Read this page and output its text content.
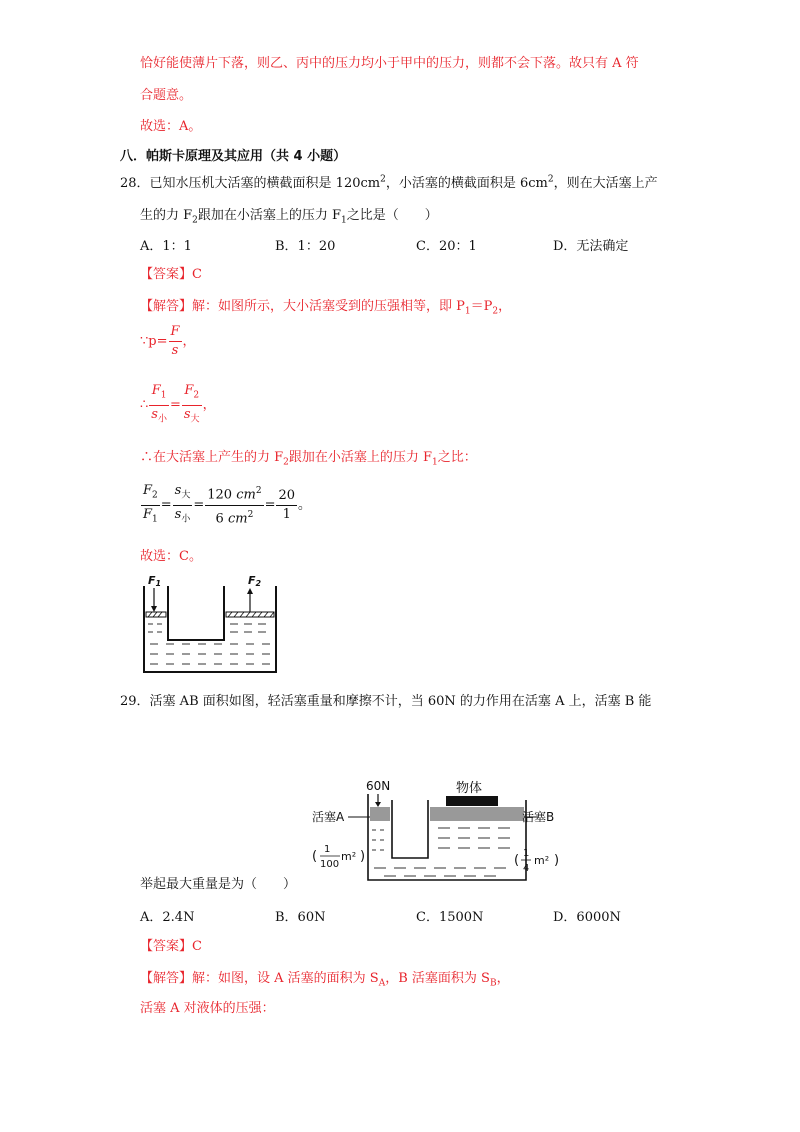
恰好能使薄片下落，则乙、丙中的压力均小于甲中的压力，则都不会下落。故只有 A 符
合题意。
故选：A。
八．帕斯卡原理及其应用（共 4 小题）
28．已知水压机大活塞的横截面积是 $120cm^2$，小活塞的横截面积是 $6cm^2$，则在大活塞上产
生的力 $F_2$跟加在小活塞上的压力 $F_1$之比是（　　）
A．1：1	B．1：20	C．20：1	D．无法确定
【答案】C
【解答】解：如图所示，大小活塞受到的压强相等，即 $P_1=P_2$，
∵p= $\frac{F}{s}$ ，
∴ $\frac{F_1}{s_小} = \frac{F_2}{s_大}$ ，
∴在大活塞上产生的力 $F_2$跟加在小活塞上的压力 $F_1$之比：
$\frac{F_2}{F_1} = \frac{s_大}{s_小} = \frac{120 cm^2}{6 cm^2} = \frac{20}{1}$ 。
故选：C。
F1	F2
29．活塞 AB 面积如图，轻活塞重量和摩擦不计，当 60N 的力作用在活塞 A 上，活塞 B 能
60N	物体
活塞A	活塞B
( 1
100
m² )	( 1
4
m² )
举起最大重量是为（　　）
A．2.4N	B．60N	C．1500N	D．6000N
【答案】C
【解答】解：如图，设 A 活塞的面积为 $S_A$，B 活塞面积为 $S_B$，
活塞 A 对液体的压强：
